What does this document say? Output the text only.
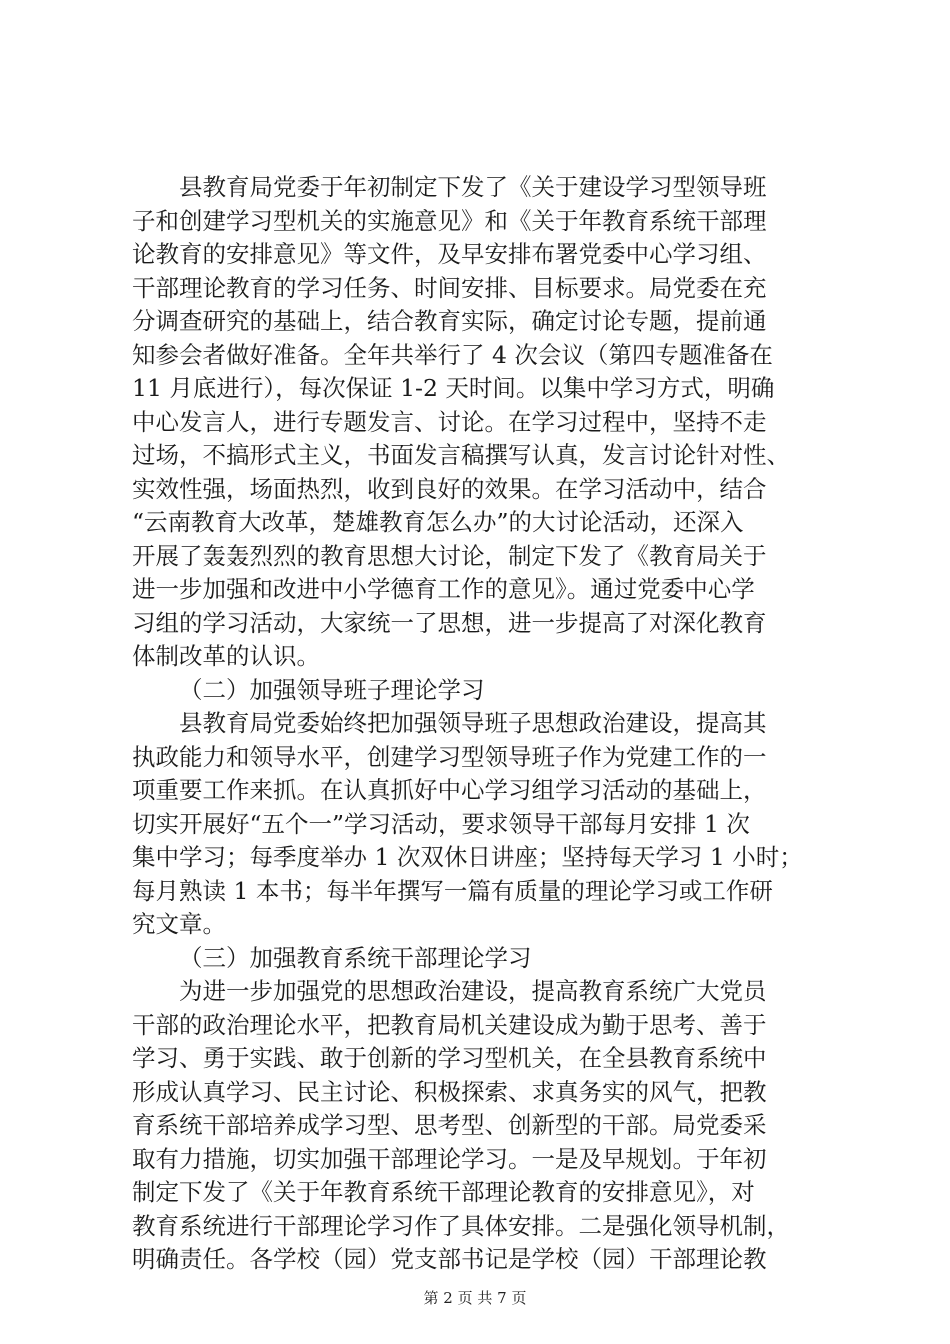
县教育局党委于年初制定下发了《关于建设学习型领导班
子和创建学习型机关的实施意见》和《关于年教育系统干部理
论教育的安排意见》等文件，及早安排布署党委中心学习组、
干部理论教育的学习任务、时间安排、目标要求。局党委在充
分调查研究的基础上，结合教育实际，确定讨论专题，提前通
知参会者做好准备。全年共举行了 4 次会议（第四专题准备在
11 月底进行），每次保证 1-2 天时间。以集中学习方式，明确
中心发言人，进行专题发言、讨论。在学习过程中，坚持不走
过场，不搞形式主义，书面发言稿撰写认真，发言讨论针对性、
实效性强，场面热烈，收到良好的效果。在学习活动中，结合
“云南教育大改革，楚雄教育怎么办”的大讨论活动，还深入
开展了轰轰烈烈的教育思想大讨论，制定下发了《教育局关于
进一步加强和改进中小学德育工作的意见》。通过党委中心学
习组的学习活动，大家统一了思想，进一步提高了对深化教育
体制改革的认识。
（二）加强领导班子理论学习
县教育局党委始终把加强领导班子思想政治建设，提高其
执政能力和领导水平，创建学习型领导班子作为党建工作的一
项重要工作来抓。在认真抓好中心学习组学习活动的基础上，
切实开展好“五个一”学习活动，要求领导干部每月安排 1 次
集中学习；每季度举办 1 次双休日讲座；坚持每天学习 1 小时；
每月熟读 1 本书；每半年撰写一篇有质量的理论学习或工作研
究文章。
（三）加强教育系统干部理论学习
为进一步加强党的思想政治建设，提高教育系统广大党员
干部的政治理论水平，把教育局机关建设成为勤于思考、善于
学习、勇于实践、敢于创新的学习型机关，在全县教育系统中
形成认真学习、民主讨论、积极探索、求真务实的风气，把教
育系统干部培养成学习型、思考型、创新型的干部。局党委采
取有力措施，切实加强干部理论学习。一是及早规划。于年初
制定下发了《关于年教育系统干部理论教育的安排意见》，对
教育系统进行干部理论学习作了具体安排。二是强化领导机制，
明确责任。各学校（园）党支部书记是学校（园）干部理论教
第 2 页 共 7 页
